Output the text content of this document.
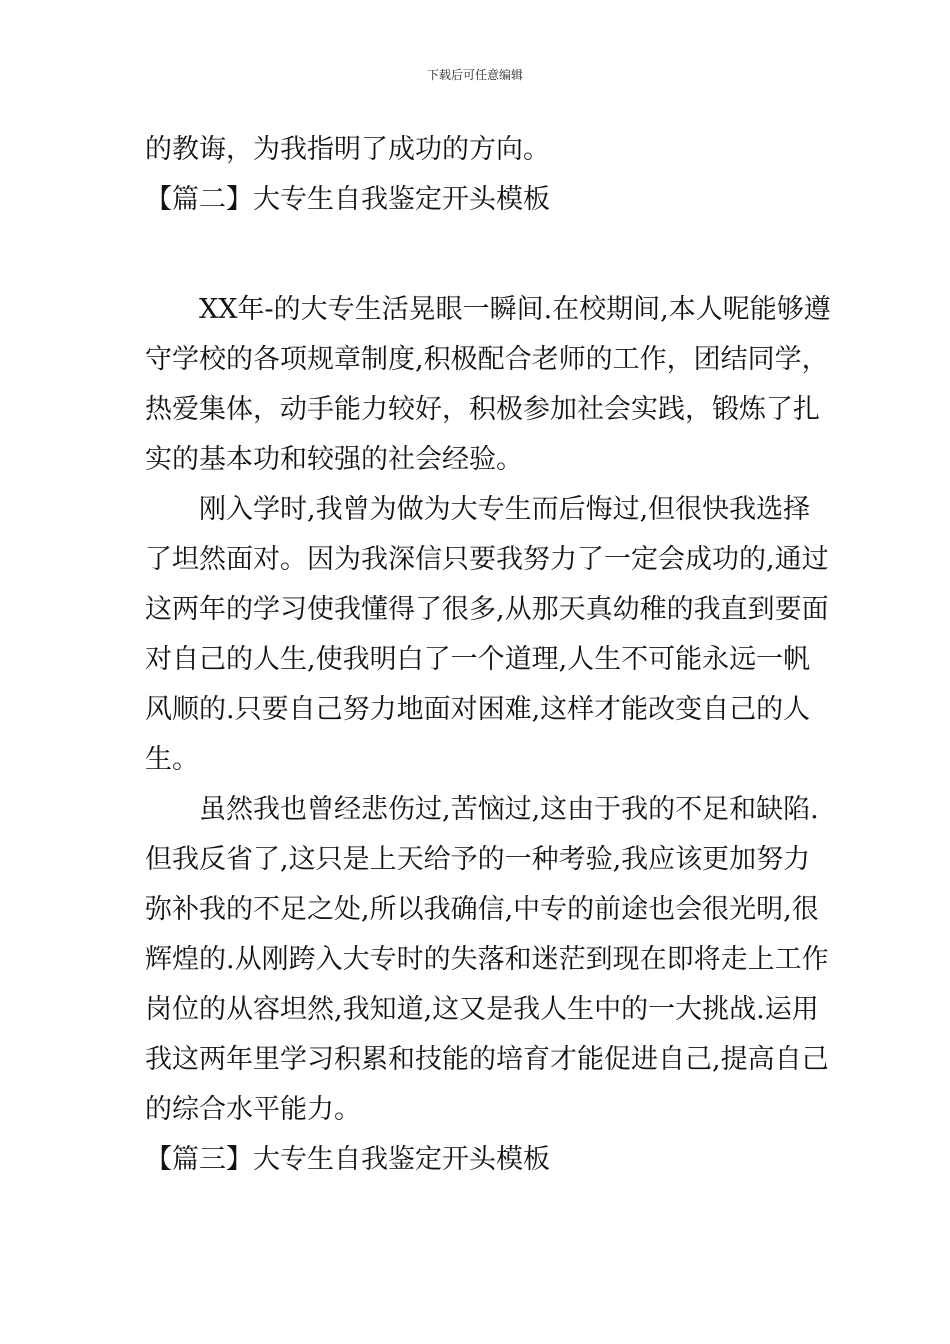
下载后可任意编辑
的教诲，为我指明了成功的方向。
【篇二】大专生自我鉴定开头模板
XX年-的大专生活晃眼一瞬间.在校期间,本人呢能够遵
守学校的各项规章制度,积极配合老师的工作，团结同学，
热爱集体，动手能力较好，积极参加社会实践，锻炼了扎
实的基本功和较强的社会经验。
刚入学时,我曾为做为大专生而后悔过,但很快我选择
了坦然面对。因为我深信只要我努力了一定会成功的,通过
这两年的学习使我懂得了很多,从那天真幼稚的我直到要面
对自己的人生,使我明白了一个道理,人生不可能永远一帆
风顺的.只要自己努力地面对困难,这样才能改变自己的人
生。
虽然我也曾经悲伤过,苦恼过,这由于我的不足和缺陷.
但我反省了,这只是上天给予的一种考验,我应该更加努力
弥补我的不足之处,所以我确信,中专的前途也会很光明,很
辉煌的.从刚跨入大专时的失落和迷茫到现在即将走上工作
岗位的从容坦然,我知道,这又是我人生中的一大挑战.运用
我这两年里学习积累和技能的培育才能促进自己,提高自己
的综合水平能力。
【篇三】大专生自我鉴定开头模板
